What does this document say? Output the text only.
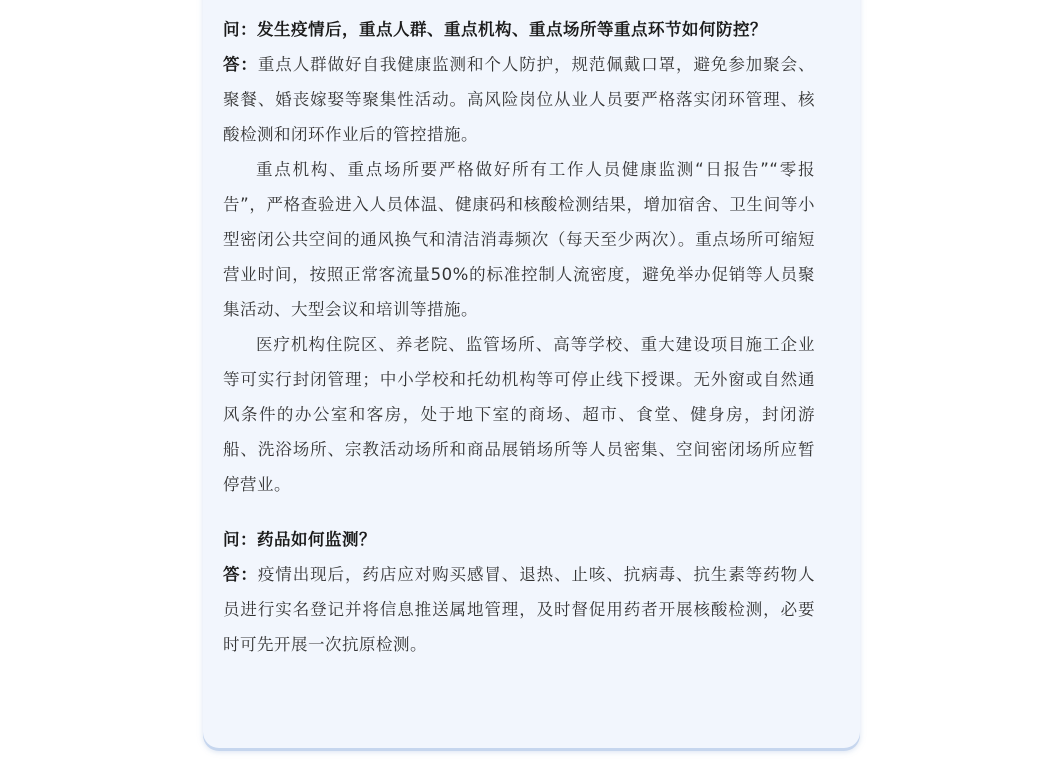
问：发生疫情后，重点人群、重点机构、重点场所等重点环节如何防控？

答：重点人群做好自我健康监测和个人防护，规范佩戴口罩，避免参加聚会、聚餐、婚丧嫁娶等聚集性活动。高风险岗位从业人员要严格落实闭环管理、核酸检测和闭环作业后的管控措施。

重点机构、重点场所要严格做好所有工作人员健康监测“日报告”“零报告”，严格查验进入人员体温、健康码和核酸检测结果，增加宿舍、卫生间等小型密闭公共空间的通风换气和清洁消毒频次（每天至少两次）。重点场所可缩短营业时间，按照正常客流量50%的标准控制人流密度，避免举办促销等人员聚集活动、大型会议和培训等措施。

医疗机构住院区、养老院、监管场所、高等学校、重大建设项目施工企业等可实行封闭管理；中小学校和托幼机构等可停止线下授课。无外窗或自然通风条件的办公室和客房，处于地下室的商场、超市、食堂、健身房，封闭游船、洗浴场所、宗教活动场所和商品展销场所等人员密集、空间密闭场所应暂停营业。

问：药品如何监测？

答：疫情出现后，药店应对购买感冒、退热、止咳、抗病毒、抗生素等药物人员进行实名登记并将信息推送属地管理，及时督促用药者开展核酸检测，必要时可先开展一次抗原检测。
